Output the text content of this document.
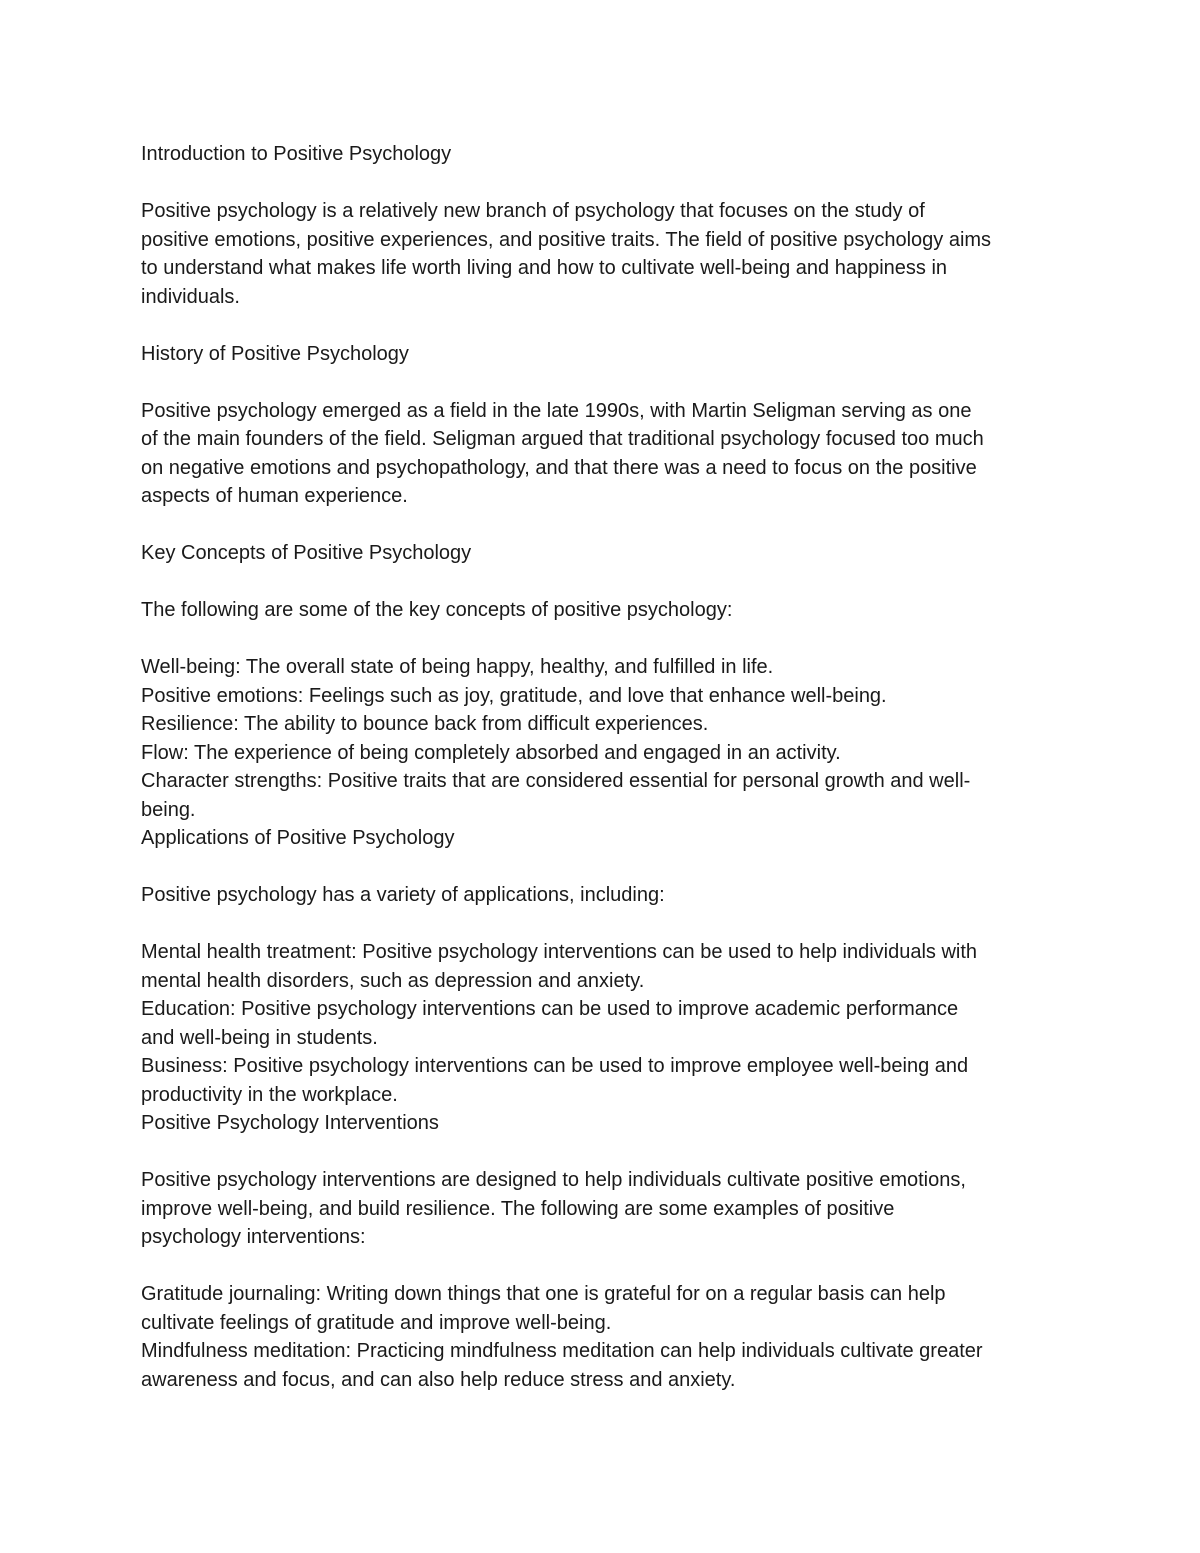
Introduction to Positive Psychology
Positive psychology is a relatively new branch of psychology that focuses on the study of
positive emotions, positive experiences, and positive traits. The field of positive psychology aims
to understand what makes life worth living and how to cultivate well-being and happiness in
individuals.
History of Positive Psychology
Positive psychology emerged as a field in the late 1990s, with Martin Seligman serving as one
of the main founders of the field. Seligman argued that traditional psychology focused too much
on negative emotions and psychopathology, and that there was a need to focus on the positive
aspects of human experience.
Key Concepts of Positive Psychology
The following are some of the key concepts of positive psychology:
Well-being: The overall state of being happy, healthy, and fulfilled in life.
Positive emotions: Feelings such as joy, gratitude, and love that enhance well-being.
Resilience: The ability to bounce back from difficult experiences.
Flow: The experience of being completely absorbed and engaged in an activity.
Character strengths: Positive traits that are considered essential for personal growth and well-
being.
Applications of Positive Psychology
Positive psychology has a variety of applications, including:
Mental health treatment: Positive psychology interventions can be used to help individuals with
mental health disorders, such as depression and anxiety.
Education: Positive psychology interventions can be used to improve academic performance
and well-being in students.
Business: Positive psychology interventions can be used to improve employee well-being and
productivity in the workplace.
Positive Psychology Interventions
Positive psychology interventions are designed to help individuals cultivate positive emotions,
improve well-being, and build resilience. The following are some examples of positive
psychology interventions:
Gratitude journaling: Writing down things that one is grateful for on a regular basis can help
cultivate feelings of gratitude and improve well-being.
Mindfulness meditation: Practicing mindfulness meditation can help individuals cultivate greater
awareness and focus, and can also help reduce stress and anxiety.
